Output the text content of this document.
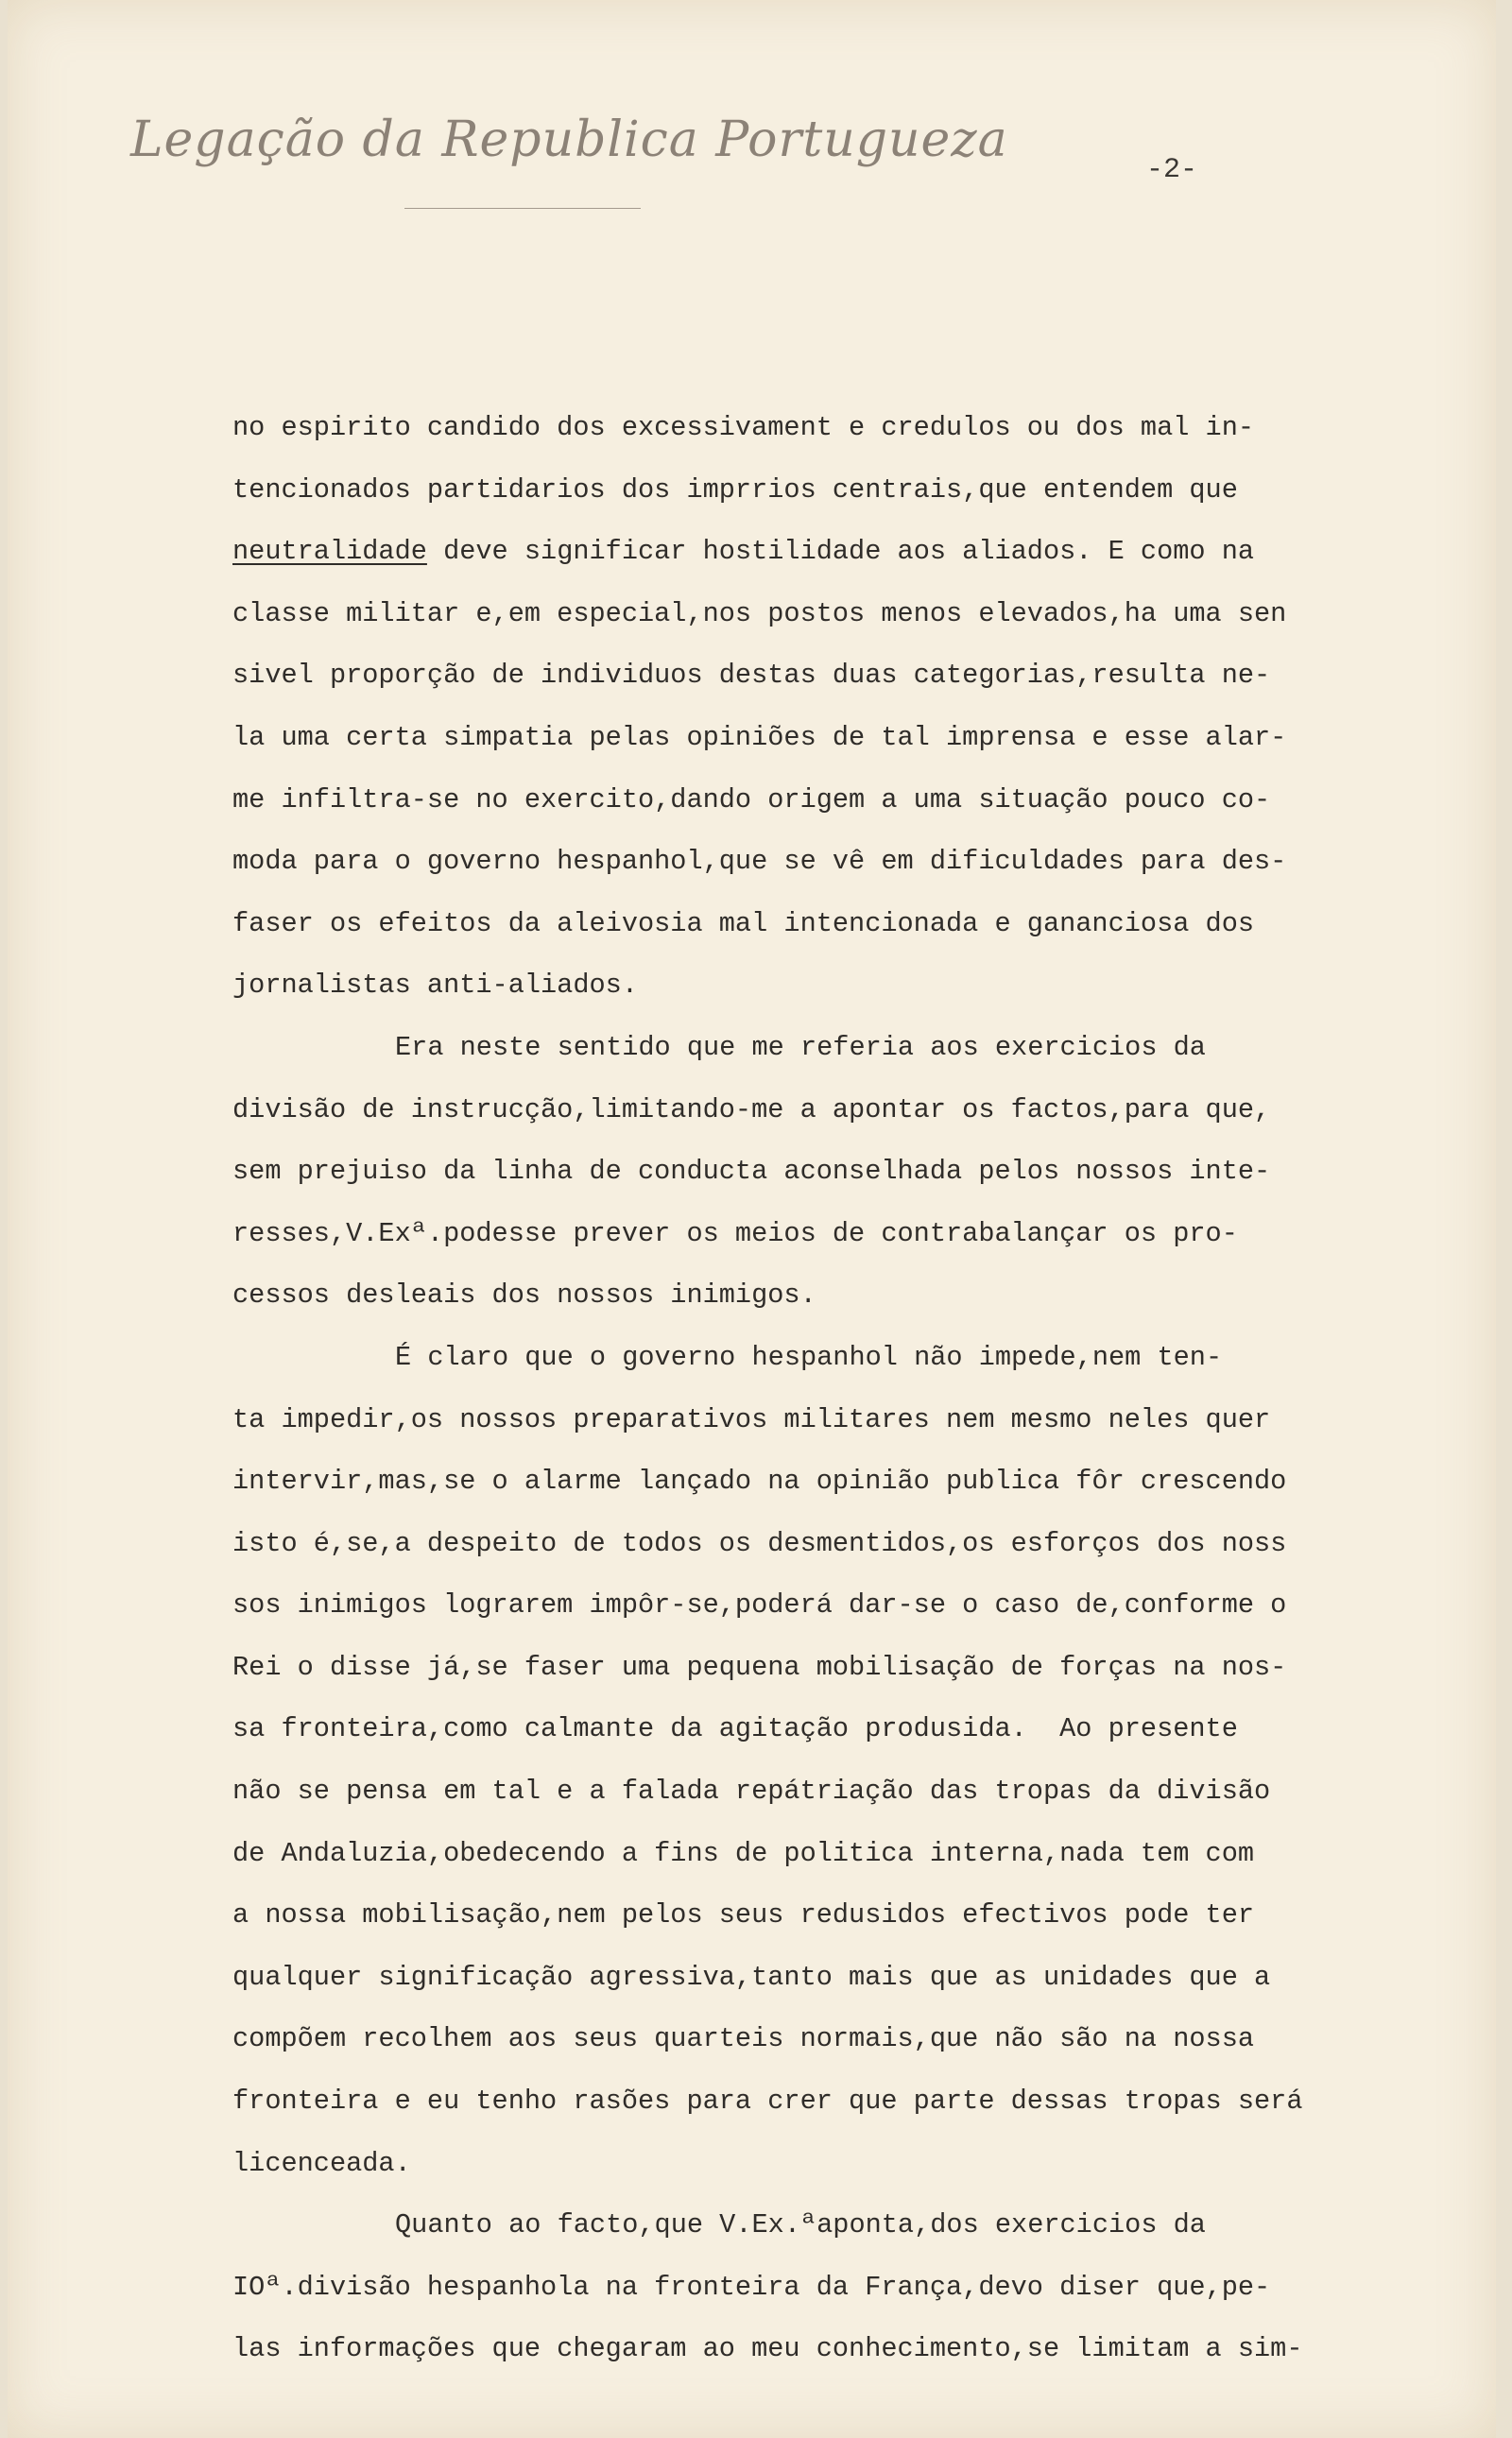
Legação da Republica Portugueza
-2-
no espirito candido dos excessivament e credulos ou dos mal in-
tencionados partidarios dos imprrios centrais,que entendem que
neutralidade deve significar hostilidade aos aliados. E como na
classe militar e,em especial,nos postos menos elevados,ha uma sen
sivel proporção de individuos destas duas categorias,resulta ne-
la uma certa simpatia pelas opiniões de tal imprensa e esse alar-
me infiltra-se no exercito,dando origem a uma situação pouco co-
moda para o governo hespanhol,que se vê em dificuldades para des-
faser os efeitos da aleivosia mal intencionada e gananciosa dos
jornalistas anti-aliados.
Era neste sentido que me referia aos exercicios da
divisão de instrucção,limitando-me a apontar os factos,para que,
sem prejuiso da linha de conducta aconselhada pelos nossos inte-
resses,V.Exª.podesse prever os meios de contrabalançar os pro-
cessos desleais dos nossos inimigos.
É claro que o governo hespanhol não impede,nem ten-
ta impedir,os nossos preparativos militares nem mesmo neles quer
intervir,mas,se o alarme lançado na opinião publica fôr crescendo
isto é,se,a despeito de todos os desmentidos,os esforços dos noss
sos inimigos lograrem impôr-se,poderá dar-se o caso de,conforme o
Rei o disse já,se faser uma pequena mobilisação de forças na nos-
sa fronteira,como calmante da agitação produsida.  Ao presente
não se pensa em tal e a falada repátriação das tropas da divisão
de Andaluzia,obedecendo a fins de politica interna,nada tem com
a nossa mobilisação,nem pelos seus redusidos efectivos pode ter
qualquer significação agressiva,tanto mais que as unidades que a
compõem recolhem aos seus quarteis normais,que não são na nossa
fronteira e eu tenho rasões para crer que parte dessas tropas será
licenceada.
Quanto ao facto,que V.Ex.ªaponta,dos exercicios da
IOª.divisão hespanhola na fronteira da França,devo diser que,pe-
las informações que chegaram ao meu conhecimento,se limitam a sim-
